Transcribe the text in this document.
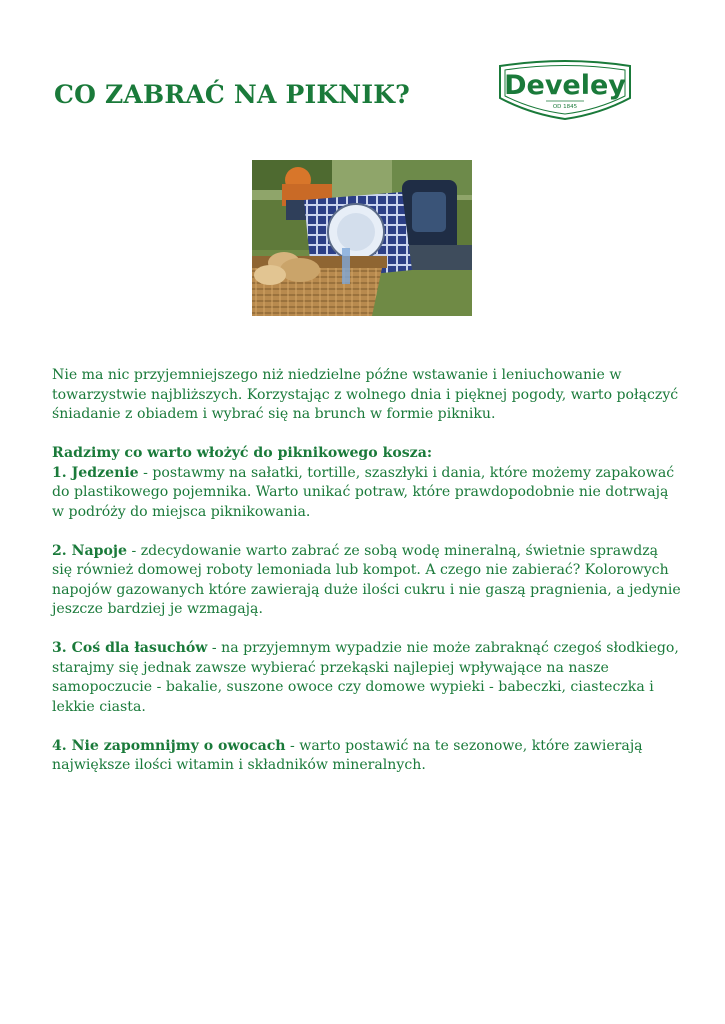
CO ZABRAĆ NA PIKNIK?	Develey
OD 1845

Nie ma nic przyjemniejszego niż niedzielne późne wstawanie i leniuchowanie w towarzystwie najbliższych. Korzystając z wolnego dnia i pięknej pogody, warto połączyć śniadanie z obiadem i wybrać się na brunch w formie pikniku.

Radzimy co warto włożyć do piknikowego kosza:
1. Jedzenie - postawmy na sałatki, tortille, szaszłyki i dania, które możemy zapakować do plastikowego pojemnika. Warto unikać potraw, które prawdopodobnie nie dotrwają w podróży do miejsca piknikowania.

2. Napoje - zdecydowanie warto zabrać ze sobą wodę mineralną, świetnie sprawdzą się również domowej roboty lemoniada lub kompot. A czego nie zabierać? Kolorowych napojów gazowanych które zawierają duże ilości cukru i nie gaszą pragnienia, a jedynie jeszcze bardziej je wzmagają.

3. Coś dla łasuchów - na przyjemnym wypadzie nie może zabraknąć czegoś słodkiego, starajmy się jednak zawsze wybierać przekąski najlepiej wpływające na nasze samopoczucie - bakalie, suszone owoce czy domowe wypieki - babeczki, ciasteczka i lekkie ciasta.

4. Nie zapomnijmy o owocach - warto postawić na te sezonowe, które zawierają największe ilości witamin i składników mineralnych.
